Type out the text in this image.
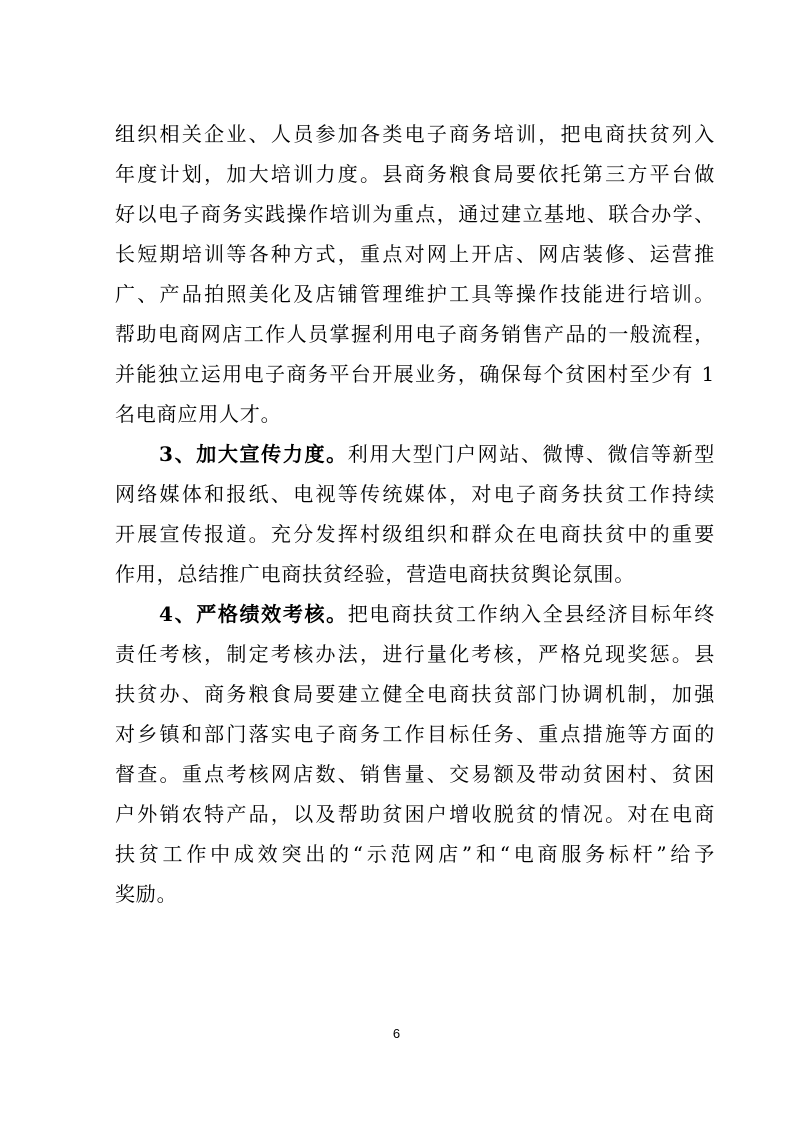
组织相关企业、人员参加各类电子商务培训，把电商扶贫列入
年度计划，加大培训力度。县商务粮食局要依托第三方平台做
好以电子商务实践操作培训为重点，通过建立基地、联合办学、
长短期培训等各种方式，重点对网上开店、网店装修、运营推
广、产品拍照美化及店铺管理维护工具等操作技能进行培训。
帮助电商网店工作人员掌握利用电子商务销售产品的一般流程，
并能独立运用电子商务平台开展业务，确保每个贫困村至少有 1
名电商应用人才。
3、加大宣传力度。利用大型门户网站、微博、微信等新型
网络媒体和报纸、电视等传统媒体，对电子商务扶贫工作持续
开展宣传报道。充分发挥村级组织和群众在电商扶贫中的重要
作用，总结推广电商扶贫经验，营造电商扶贫舆论氛围。
4、严格绩效考核。把电商扶贫工作纳入全县经济目标年终
责任考核，制定考核办法，进行量化考核，严格兑现奖惩。县
扶贫办、商务粮食局要建立健全电商扶贫部门协调机制，加强
对乡镇和部门落实电子商务工作目标任务、重点措施等方面的
督查。重点考核网店数、销售量、交易额及带动贫困村、贫困
户外销农特产品，以及帮助贫困户增收脱贫的情况。对在电商
扶贫工作中成效突出的“示范网店”和“电商服务标杆”给予
奖励。
6
